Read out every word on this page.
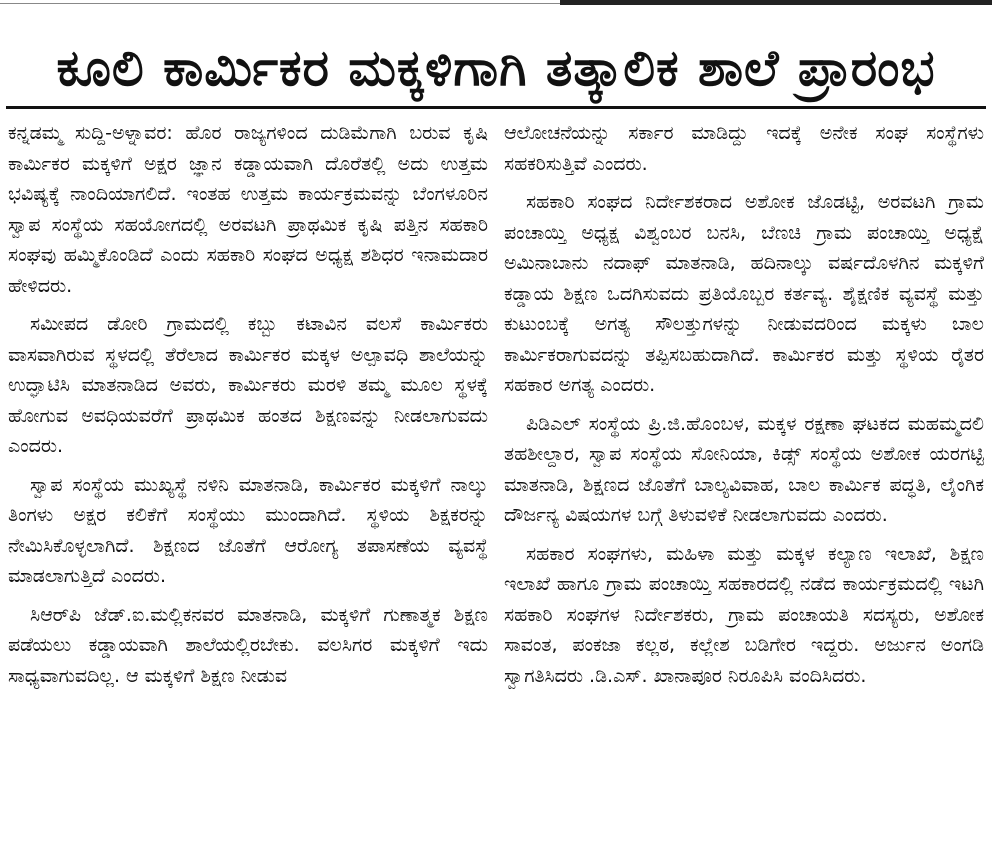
ಕೂಲಿ ಕಾರ್ಮಿಕರ ಮಕ್ಕಳಿಗಾಗಿ ತತ್ಕಾಲಿಕ ಶಾಲೆ ಪ್ರಾರಂಭ

ಕನ್ನಡಮ್ಮ ಸುದ್ದಿ-ಅಳ್ನಾವರ: ಹೊರ ರಾಜ್ಯಗಳಿಂದ ದುಡಿಮೆಗಾಗಿ ಬರುವ ಕೃಷಿ ಕಾರ್ಮಿಕರ ಮಕ್ಕಳಿಗೆ ಅಕ್ಷರ ಜ್ಞಾನ ಕಡ್ಡಾಯವಾಗಿ ದೊರೆತಲ್ಲಿ ಅದು ಉತ್ತಮ ಭವಿಷ್ಯಕ್ಕೆ ನಾಂದಿಯಾಗಲಿದೆ. ಇಂತಹ ಉತ್ತಮ ಕಾರ್ಯಕ್ರಮವನ್ನು ಬೆಂಗಳೂರಿನ ಸ್ವಾಪ ಸಂಸ್ಥೆಯ ಸಹಯೋಗದಲ್ಲಿ ಅರವಟಗಿ ಪ್ರಾಥಮಿಕ ಕೃಷಿ ಪತ್ತಿನ ಸಹಕಾರಿ ಸಂಘವು ಹಮ್ಮಿಕೊಂಡಿದೆ ಎಂದು ಸಹಕಾರಿ ಸಂಘದ ಅಧ್ಯಕ್ಷ ಶಶಿಧರ ಇನಾಮದಾರ ಹೇಳಿದರು.

ಸಮೀಪದ ಡೋರಿ ಗ್ರಾಮದಲ್ಲಿ ಕಬ್ಬು ಕಟಾವಿನ ವಲಸೆ ಕಾರ್ಮಿಕರು ವಾಸವಾಗಿರುವ ಸ್ಥಳದಲ್ಲಿ ತೆರೆಲಾದ ಕಾರ್ಮಿಕರ ಮಕ್ಕಳ ಅಲ್ಪಾವಧಿ ಶಾಲೆಯನ್ನು ಉದ್ಘಾಟಿಸಿ ಮಾತನಾಡಿದ ಅವರು, ಕಾರ್ಮಿಕರು ಮರಳಿ ತಮ್ಮ ಮೂಲ ಸ್ಥಳಕ್ಕೆ ಹೋಗುವ ಅವಧಿಯವರೆಗೆ ಪ್ರಾಥಮಿಕ ಹಂತದ ಶಿಕ್ಷಣವನ್ನು ನೀಡಲಾಗುವದು ಎಂದರು.

ಸ್ವಾಪ ಸಂಸ್ಥೆಯ ಮುಖ್ಯಸ್ಥೆ ನಳಿನಿ ಮಾತನಾಡಿ, ಕಾರ್ಮಿಕರ ಮಕ್ಕಳಿಗೆ ನಾಲ್ಕು ತಿಂಗಳು ಅಕ್ಷರ ಕಲಿಕೆಗೆ ಸಂಸ್ಥೆಯು ಮುಂದಾಗಿದೆ. ಸ್ಥಳಿಯ ಶಿಕ್ಷಕರನ್ನು ನೇಮಿಸಿಕೊಳ್ಳಲಾಗಿದೆ. ಶಿಕ್ಷಣದ ಜೊತೆಗೆ ಆರೋಗ್ಯ ತಪಾಸಣೆಯ ವ್ಯವಸ್ಥೆ ಮಾಡಲಾಗುತ್ತಿದೆ ಎಂದರು.

ಸಿಆರ್‌ಪಿ ಜೆಡ್.ಐ.ಮಲ್ಲಿಕನವರ ಮಾತನಾಡಿ, ಮಕ್ಕಳಿಗೆ ಗುಣಾತ್ಮಕ ಶಿಕ್ಷಣ ಪಡೆಯಲು ಕಡ್ಡಾಯವಾಗಿ ಶಾಲೆಯಲ್ಲಿರಬೇಕು. ವಲಸಿಗರ ಮಕ್ಕಳಿಗೆ ಇದು ಸಾಧ್ಯವಾಗುವದಿಲ್ಲ. ಆ ಮಕ್ಕಳಿಗೆ ಶಿಕ್ಷಣ ನೀಡುವ

ಆಲೋಚನೆಯನ್ನು ಸರ್ಕಾರ ಮಾಡಿದ್ದು ಇದಕ್ಕೆ ಅನೇಕ ಸಂಘ ಸಂಸ್ಥೆಗಳು ಸಹಕರಿಸುತ್ತಿವೆ ಎಂದರು.

ಸಹಕಾರಿ ಸಂಘದ ನಿರ್ದೇಶಕರಾದ ಅಶೋಕ ಜೊಡಟ್ಟಿ, ಅರವಟಗಿ ಗ್ರಾಮ ಪಂಚಾಯ್ತಿ ಅಧ್ಯಕ್ಷ ವಿಶ್ವಂಬರ ಬನಸಿ, ಬೆಣಚಿ ಗ್ರಾಮ ಪಂಚಾಯ್ತಿ ಅಧ್ಯಕ್ಷೆ ಅಮಿನಾಬಾನು ನದಾಫ್ ಮಾತನಾಡಿ, ಹದಿನಾಲ್ಕು ವರ್ಷದೊಳಗಿನ ಮಕ್ಕಳಿಗೆ ಕಡ್ಡಾಯ ಶಿಕ್ಷಣ ಒದಗಿಸುವದು ಪ್ರತಿಯೊಬ್ಬರ ಕರ್ತವ್ಯ. ಶೈಕ್ಷಣಿಕ ವ್ಯವಸ್ಥೆ ಮತ್ತು ಕುಟುಂಬಕ್ಕೆ ಅಗತ್ಯ ಸೌಲತ್ತುಗಳನ್ನು ನೀಡುವದರಿಂದ ಮಕ್ಕಳು ಬಾಲ ಕಾರ್ಮಿಕರಾಗುವದನ್ನು ತಪ್ಪಿಸಬಹುದಾಗಿದೆ. ಕಾರ್ಮಿಕರ ಮತ್ತು ಸ್ಥಳಿಯ ರೈತರ ಸಹಕಾರ ಅಗತ್ಯ ಎಂದರು.

ಪಿಡಿಎಲ್ ಸಂಸ್ಥೆಯ ಪ್ರಿ.ಜಿ.ಹೊಂಬಳ, ಮಕ್ಕಳ ರಕ್ಷಣಾ ಘಟಕದ ಮಹಮ್ಮದಲಿ ತಹಶೀಲ್ದಾರ, ಸ್ವಾಪ ಸಂಸ್ಥೆಯ ಸೋನಿಯಾ, ಕಿಡ್ಸ್ ಸಂಸ್ಥೆಯ ಅಶೋಕ ಯರಗಟ್ಟಿ ಮಾತನಾಡಿ, ಶಿಕ್ಷಣದ ಜೊತೆಗೆ ಬಾಲ್ಯವಿವಾಹ, ಬಾಲ ಕಾರ್ಮಿಕ ಪದ್ಧತಿ, ಲೈಂಗಿಕ ದೌರ್ಜನ್ಯ ವಿಷಯಗಳ ಬಗ್ಗೆ ತಿಳುವಳಿಕೆ ನೀಡಲಾಗುವದು ಎಂದರು.

ಸಹಕಾರ ಸಂಘಗಳು, ಮಹಿಳಾ ಮತ್ತು ಮಕ್ಕಳ ಕಲ್ಯಾಣ ಇಲಾಖೆ, ಶಿಕ್ಷಣ ಇಲಾಖೆ ಹಾಗೂ ಗ್ರಾಮ ಪಂಚಾಯ್ತಿ ಸಹಕಾರದಲ್ಲಿ ನಡೆದ ಕಾರ್ಯಕ್ರಮದಲ್ಲಿ ಇಟಗಿ ಸಹಕಾರಿ ಸಂಘಗಳ ನಿರ್ದೇಶಕರು, ಗ್ರಾಮ ಪಂಚಾಯತಿ ಸದಸ್ಯರು, ಅಶೋಕ ಸಾವಂತ, ಪಂಕಜಾ ಕಲ್ಲಠ, ಕಲ್ಲೇಶ ಬಡಿಗೇರ ಇದ್ದರು. ಅರ್ಜುನ ಅಂಗಡಿ ಸ್ವಾಗತಿಸಿದರು .ಡಿ.ಎಸ್. ಖಾನಾಪೂರ ನಿರೂಪಿಸಿ ವಂದಿಸಿದರು.
